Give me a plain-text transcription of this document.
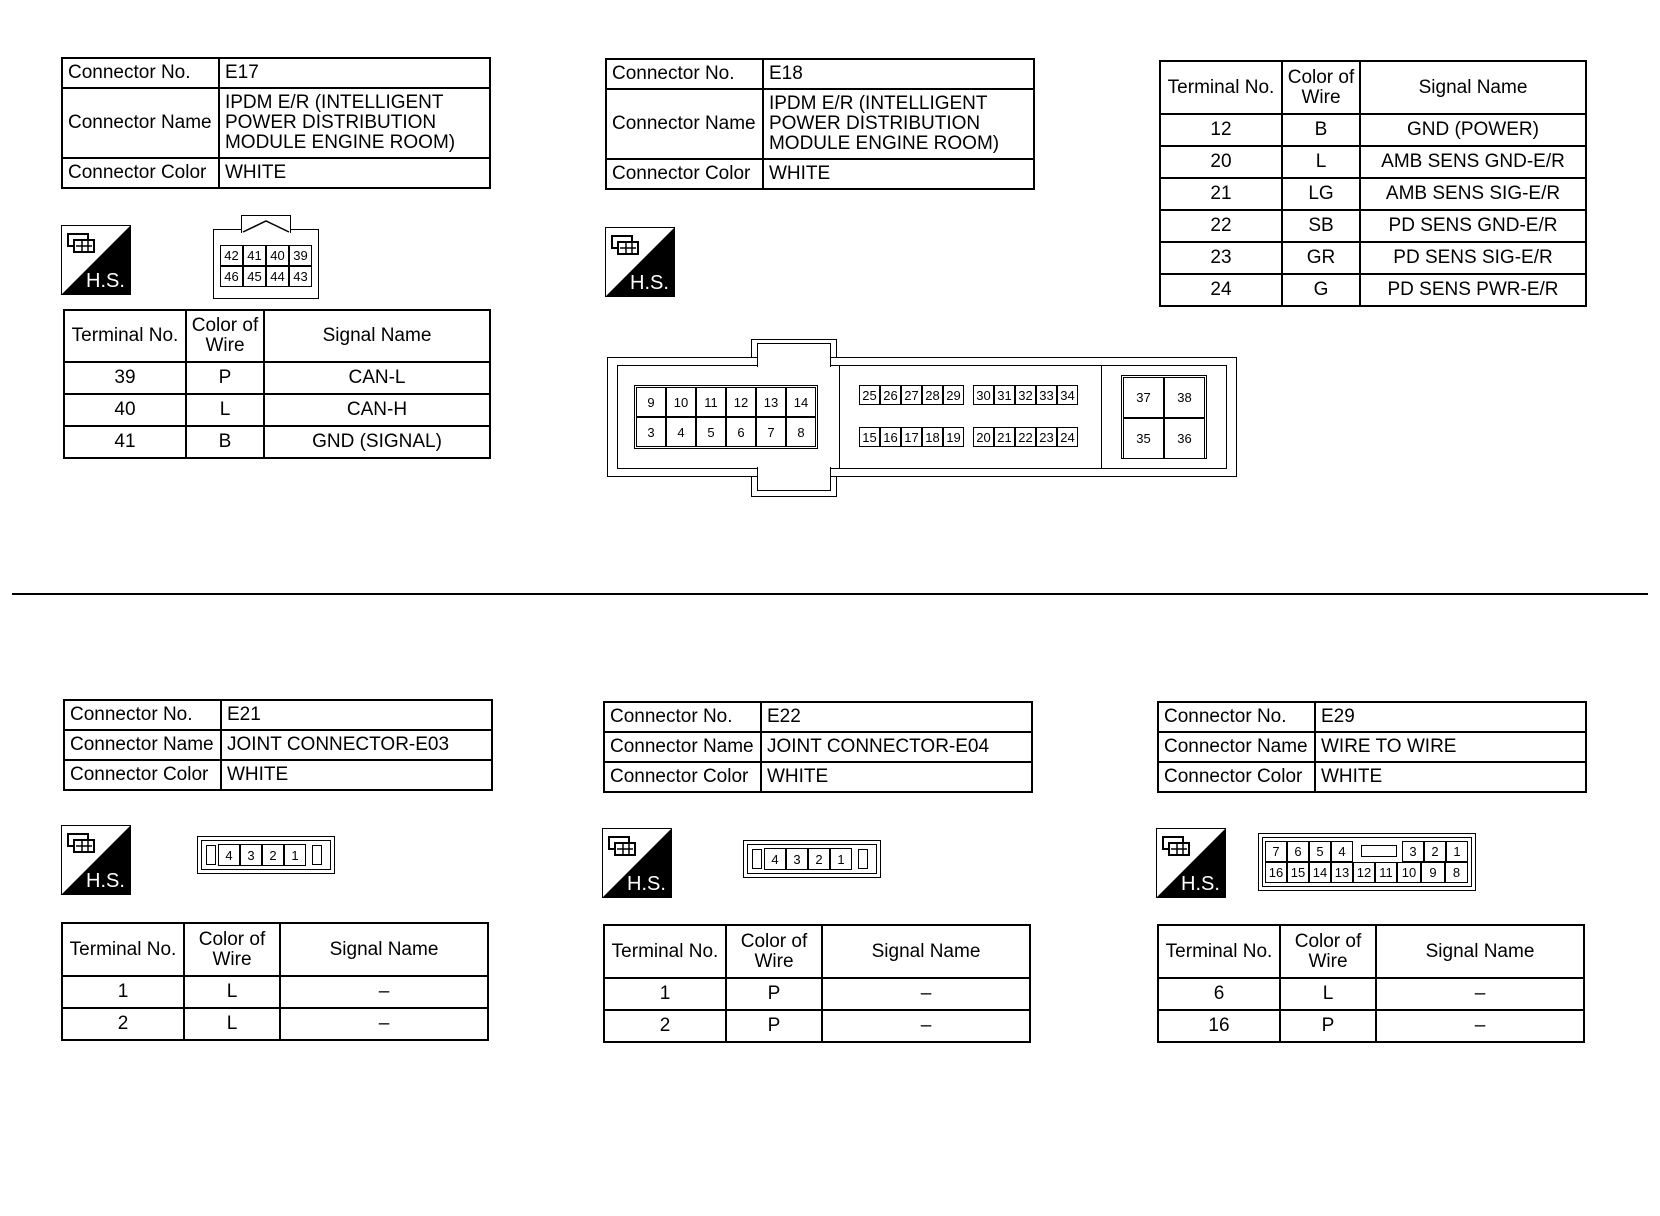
Connector No.	E17
Connector Name	IPDM E/R (INTELLIGENT POWER DISTRIBUTION MODULE ENGINE ROOM)
Connector Color	WHITE
H.S.
42 41 40 39
46 45 44 43
Terminal No.	Color of Wire	Signal Name
39	P	CAN-L
40	L	CAN-H
41	B	GND (SIGNAL)
Connector No.	E18
Connector Name	IPDM E/R (INTELLIGENT POWER DISTRIBUTION MODULE ENGINE ROOM)
Connector Color	WHITE
H.S.
9	10	11	12	13	14
3	4	5	6	7	8
25 26 27 28 29
15 16 17 18 19
30 31 32 33 34
20 21 22 23 24
37	38
35	36
Terminal No.	Color of Wire	Signal Name
12	B	GND (POWER)
20	L	AMB SENS GND-E/R
21	LG	AMB SENS SIG-E/R
22	SB	PD SENS GND-E/R
23	GR	PD SENS SIG-E/R
24	G	PD SENS PWR-E/R
Connector No.	E21
Connector Name	JOINT CONNECTOR-E03
Connector Color	WHITE
H.S.
4	3	2	1
Terminal No.	Color of Wire	Signal Name
1	L	–
2	L	–
Connector No.	E22
Connector Name	JOINT CONNECTOR-E04
Connector Color	WHITE
H.S.
4	3	2	1
Terminal No.	Color of Wire	Signal Name
1	P	–
2	P	–
Connector No.	E29
Connector Name	WIRE TO WIRE
Connector Color	WHITE
H.S.
7	6	5	4	3	2	1
16 15 14 13 12 11 10	9	8
Terminal No.	Color of Wire	Signal Name
6	L	–
16	P	–
